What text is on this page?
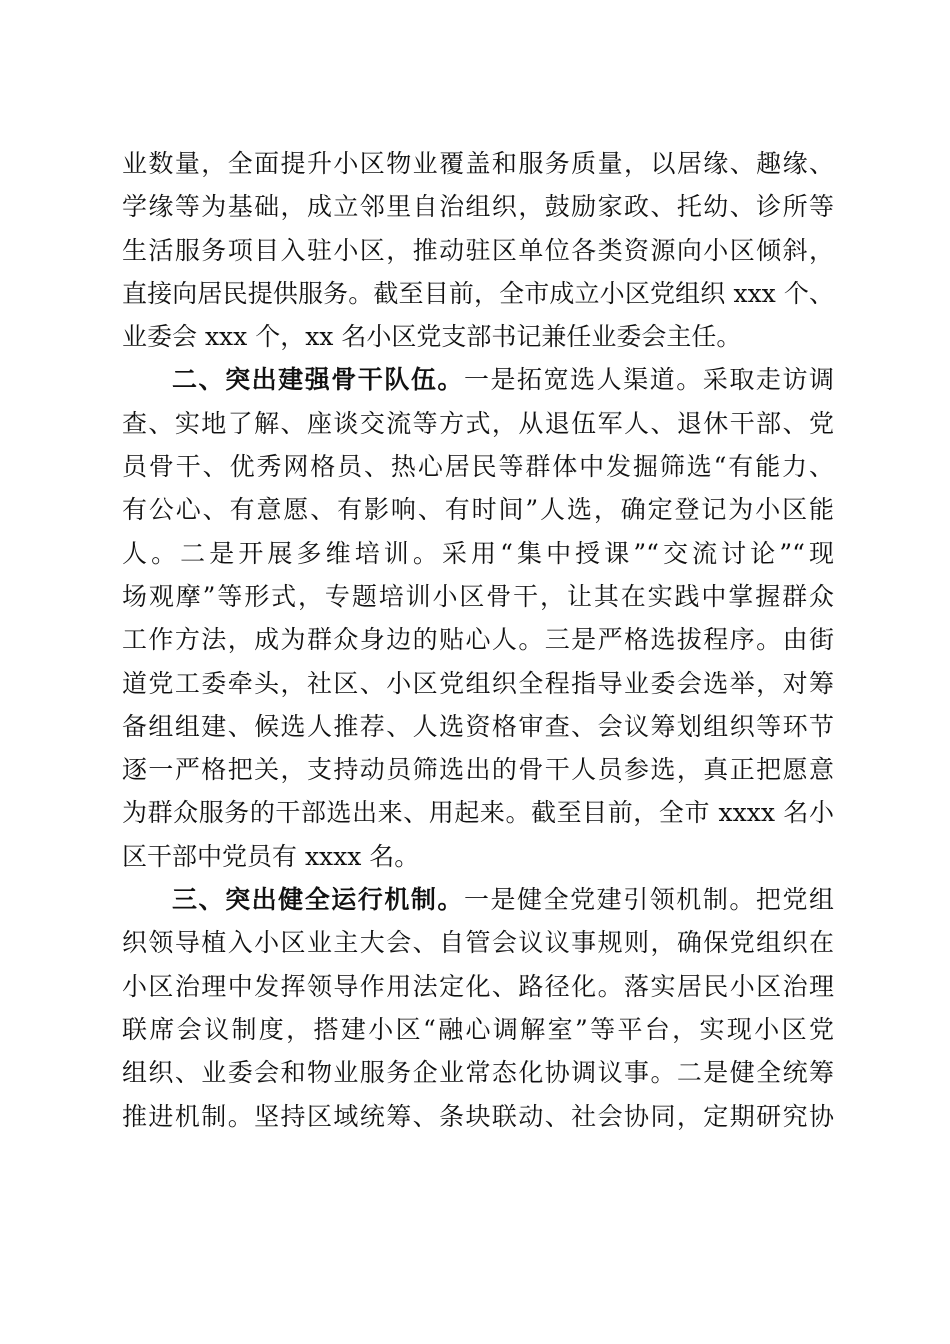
业数量，全面提升小区物业覆盖和服务质量，以居缘、趣缘、
学缘等为基础，成立邻里自治组织，鼓励家政、托幼、诊所等
生活服务项目入驻小区，推动驻区单位各类资源向小区倾斜，
直接向居民提供服务。截至目前，全市成立小区党组织 xxx 个、
业委会 xxx 个，xx 名小区党支部书记兼任业委会主任。
二、突出建强骨干队伍。一是拓宽选人渠道。采取走访调
查、实地了解、座谈交流等方式，从退伍军人、退休干部、党
员骨干、优秀网格员、热心居民等群体中发掘筛选“有能力、
有公心、有意愿、有影响、有时间”人选，确定登记为小区能
人。二是开展多维培训。采用“集中授课”“交流讨论”“现
场观摩”等形式，专题培训小区骨干，让其在实践中掌握群众
工作方法，成为群众身边的贴心人。三是严格选拔程序。由街
道党工委牵头，社区、小区党组织全程指导业委会选举，对筹
备组组建、候选人推荐、人选资格审查、会议筹划组织等环节
逐一严格把关，支持动员筛选出的骨干人员参选，真正把愿意
为群众服务的干部选出来、用起来。截至目前，全市 xxxx 名小
区干部中党员有 xxxx 名。
三、突出健全运行机制。一是健全党建引领机制。把党组
织领导植入小区业主大会、自管会议议事规则，确保党组织在
小区治理中发挥领导作用法定化、路径化。落实居民小区治理
联席会议制度，搭建小区“融心调解室”等平台，实现小区党
组织、业委会和物业服务企业常态化协调议事。二是健全统筹
推进机制。坚持区域统筹、条块联动、社会协同，定期研究协
